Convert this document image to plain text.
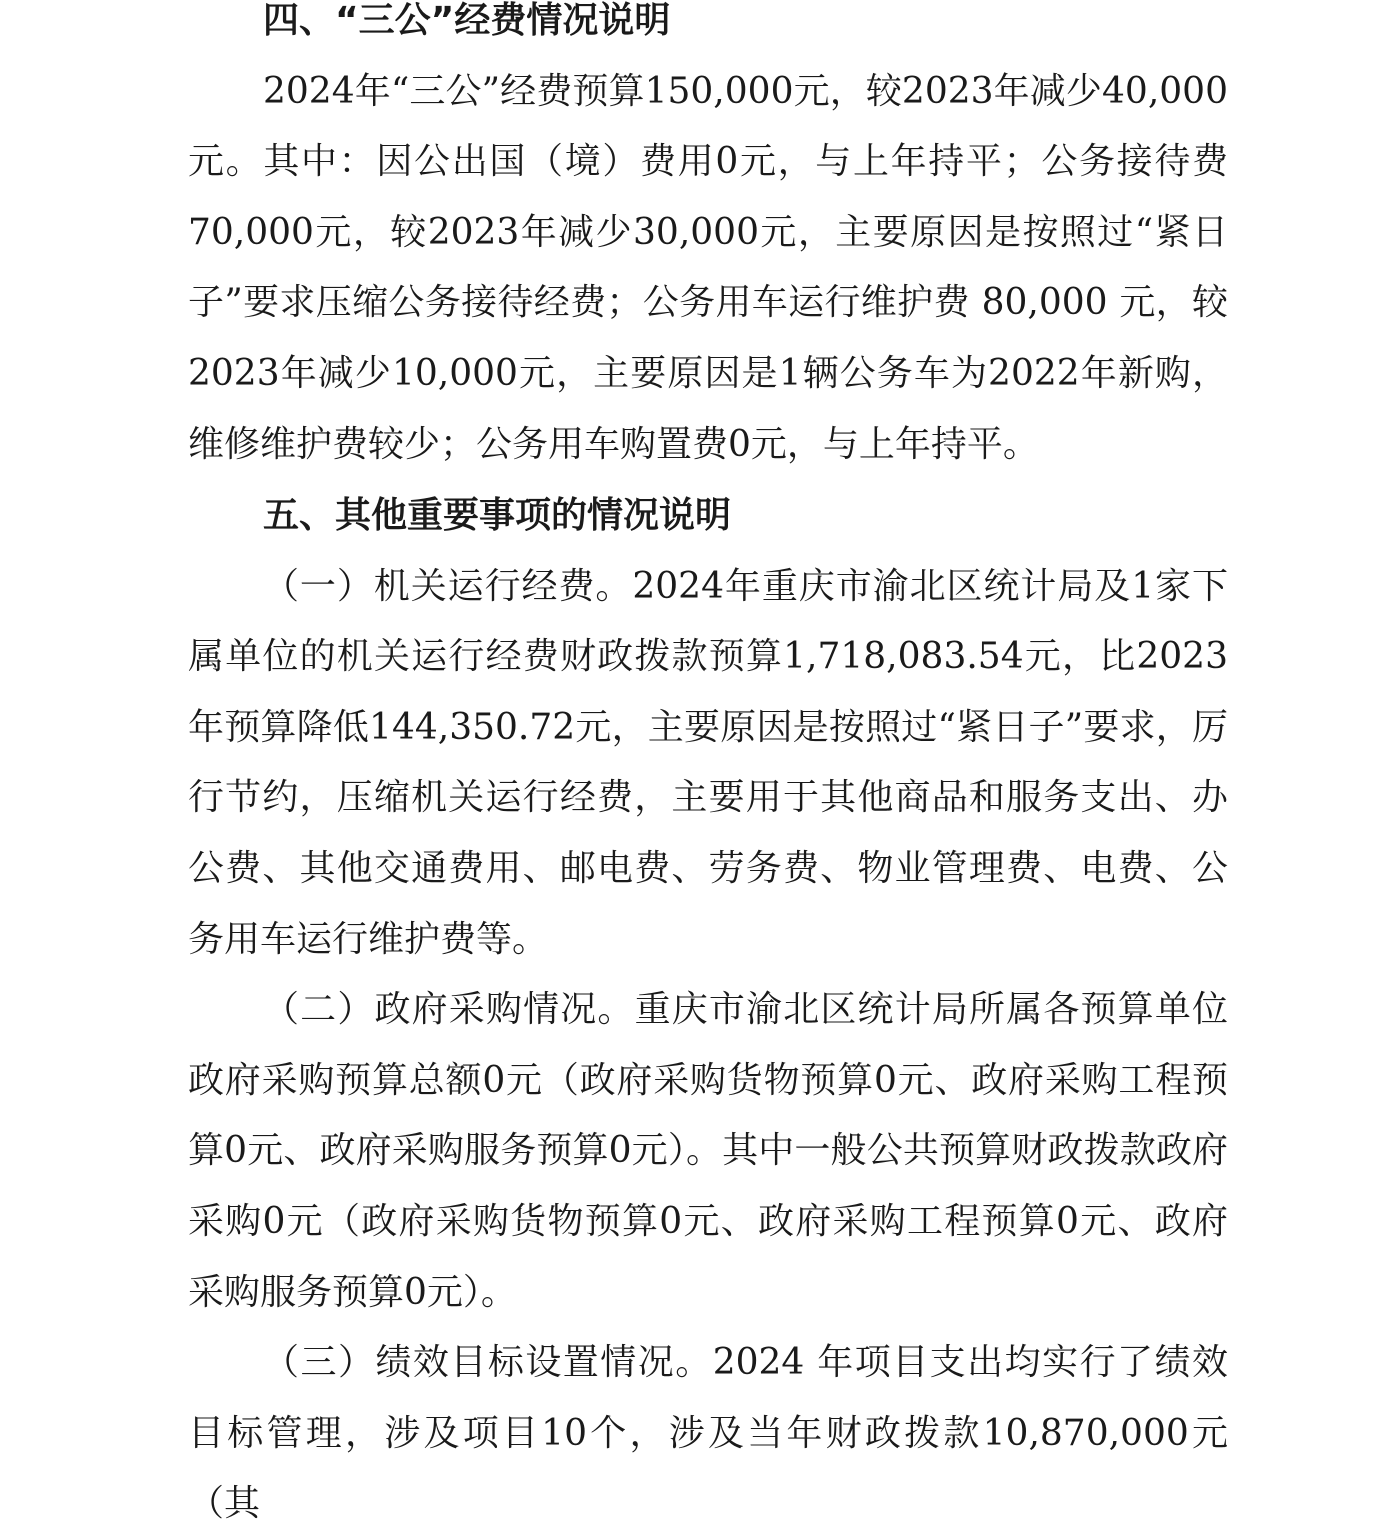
四、“三公”经费情况说明

2024年“三公”经费预算150,000元，较2023年减少40,000元。其中：因公出国（境）费用0元，与上年持平；公务接待费70,000元，较2023年减少30,000元，主要原因是按照过“紧日子”要求压缩公务接待经费；公务用车运行维护费 80,000 元，较2023年减少10,000元，主要原因是1辆公务车为2022年新购，维修维护费较少；公务用车购置费0元，与上年持平。

五、其他重要事项的情况说明

（一）机关运行经费。2024年重庆市渝北区统计局及1家下属单位的机关运行经费财政拨款预算1,718,083.54元，比2023年预算降低144,350.72元，主要原因是按照过“紧日子”要求，厉行节约，压缩机关运行经费，主要用于其他商品和服务支出、办公费、其他交通费用、邮电费、劳务费、物业管理费、电费、公务用车运行维护费等。

（二）政府采购情况。重庆市渝北区统计局所属各预算单位政府采购预算总额0元（政府采购货物预算0元、政府采购工程预算0元、政府采购服务预算0元）。其中一般公共预算财政拨款政府采购0元（政府采购货物预算0元、政府采购工程预算0元、政府采购服务预算0元）。

（三）绩效目标设置情况。2024 年项目支出均实行了绩效目标管理，涉及项目10个，涉及当年财政拨款10,870,000元（其
